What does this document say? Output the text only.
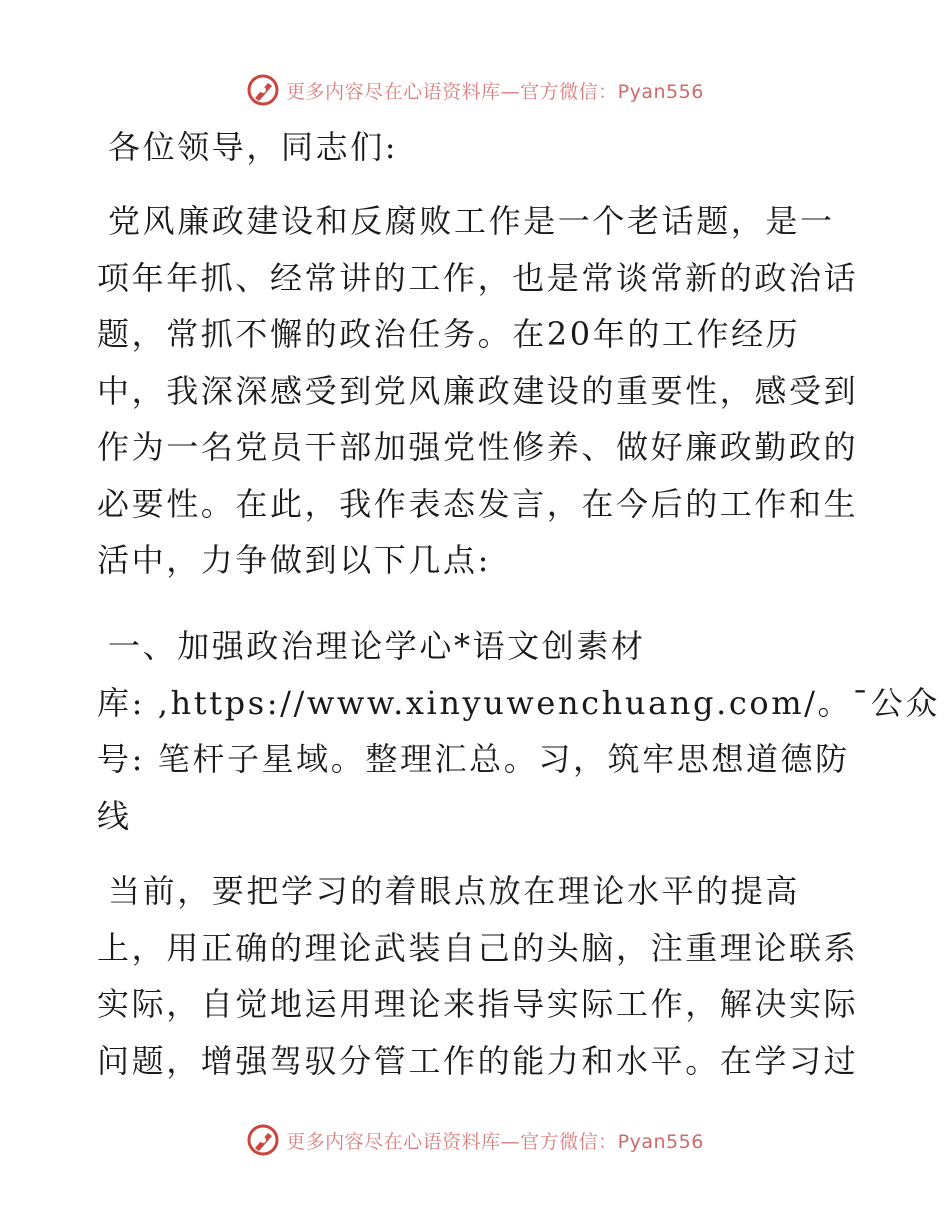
更多内容尽在心语资料库—官方微信：Pyan556
各位领导，同志们:
党风廉政建设和反腐败工作是一个老话题，是一
项年年抓、经常讲的工作，也是常谈常新的政治话
题，常抓不懈的政治任务。在20年的工作经历
中，我深深感受到党风廉政建设的重要性，感受到
作为一名党员干部加强党性修养、做好廉政勤政的
必要性。在此，我作表态发言，在今后的工作和生
活中，力争做到以下几点:
一、加强政治理论学心*语文创素材
库: ,https://www.xinyuwenchuang.com/。¯公众
号: 笔杆子星域。整理汇总。习，筑牢思想道德防
线
当前，要把学习的着眼点放在理论水平的提高
上，用正确的理论武装自己的头脑，注重理论联系
实际，自觉地运用理论来指导实际工作，解决实际
问题，增强驾驭分管工作的能力和水平。在学习过
更多内容尽在心语资料库—官方微信：Pyan556
